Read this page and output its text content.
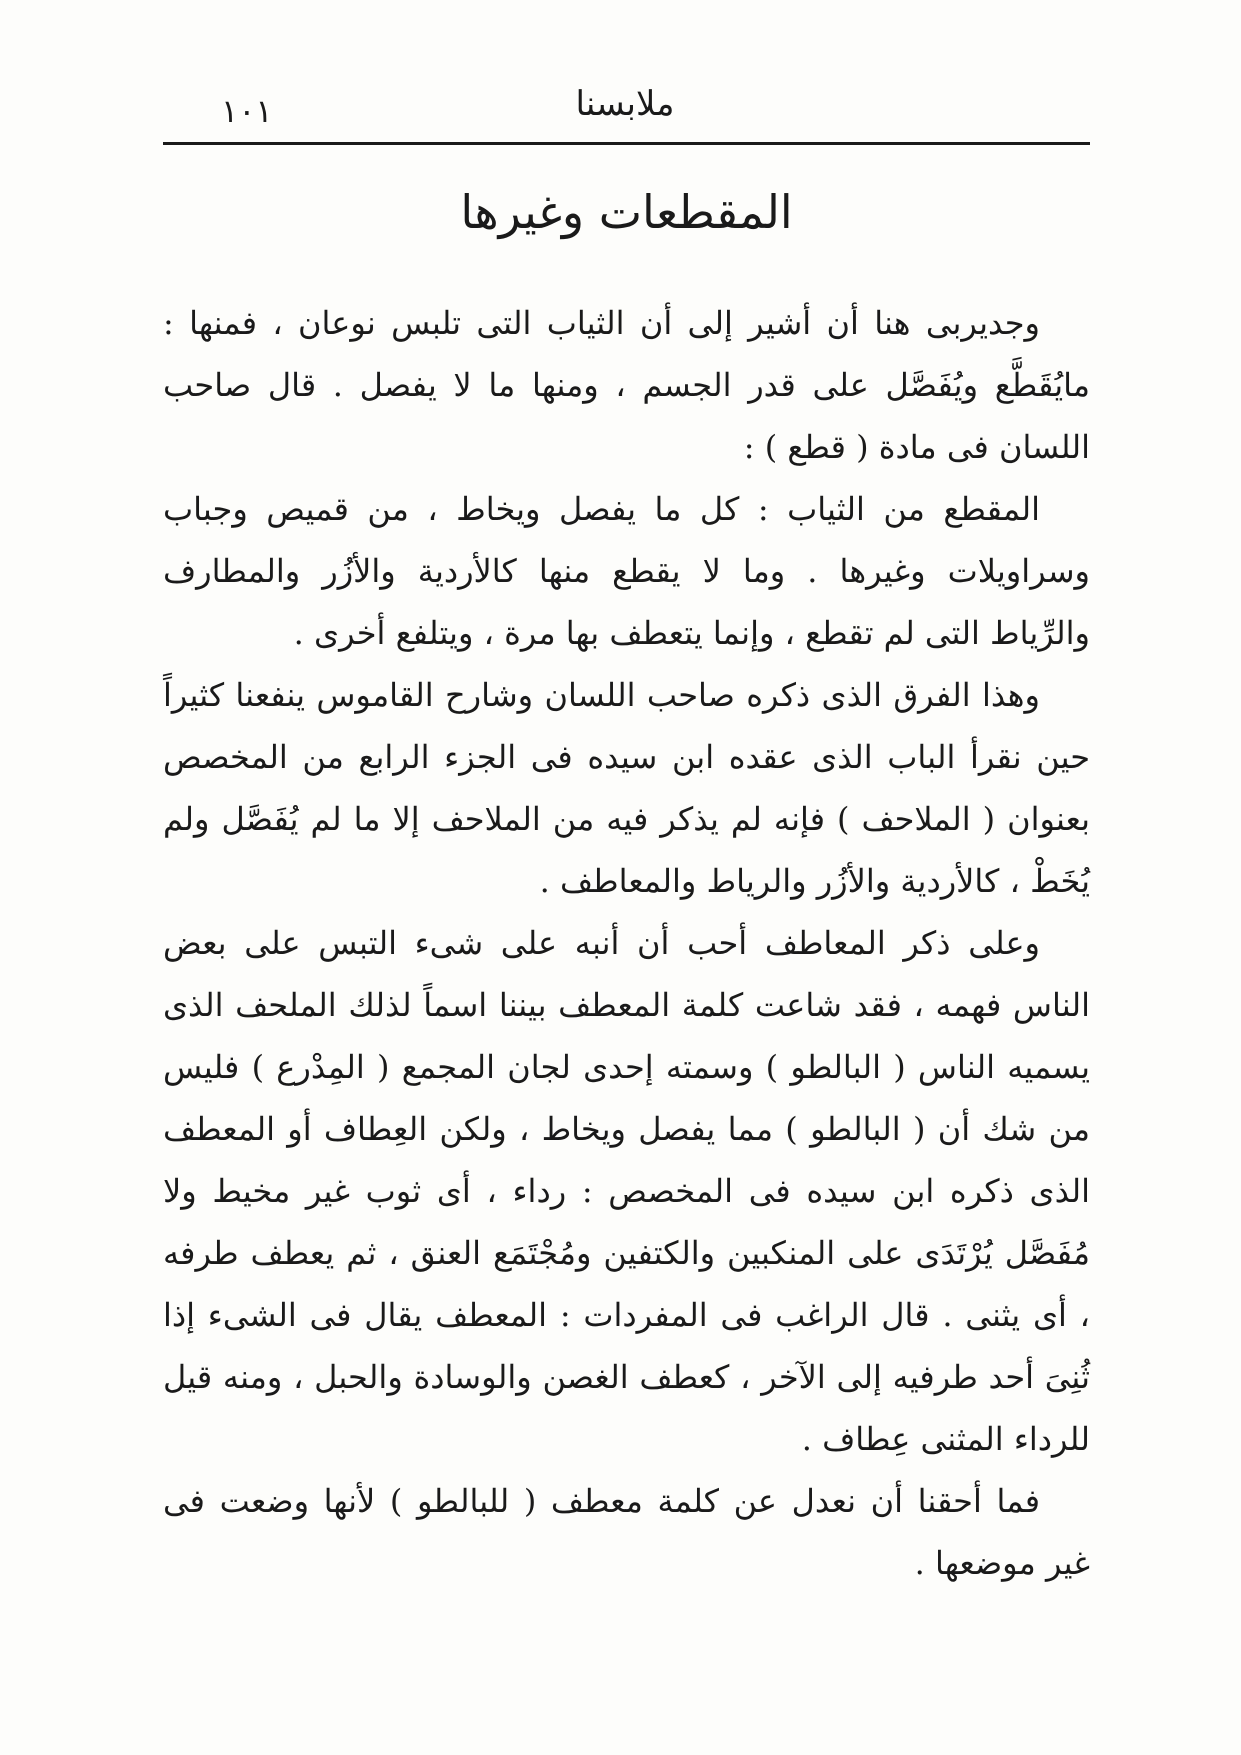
١٠١	ملابسنا
المقطعات وغيرها

وجديربى هنا أن أشير إلى أن الثياب التى تلبس نوعان ، فمنها : مايُقَطَّع ويُفَصَّل على قدر الجسم ، ومنها ما لا يفصل . قال صاحب اللسان فى مادة ( قطع ) :

المقطع من الثياب : كل ما يفصل ويخاط ، من قميص وجباب وسراويلات وغيرها . وما لا يقطع منها كالأردية والأزُر والمطارف والرِّياط التى لم تقطع ، وإنما يتعطف بها مرة ، ويتلفع أخرى .

وهذا الفرق الذى ذكره صاحب اللسان وشارح القاموس ينفعنا كثيراً حين نقرأ الباب الذى عقده ابن سيده فى الجزء الرابع من المخصص بعنوان ( الملاحف ) فإنه لم يذكر فيه من الملاحف إلا ما لم يُفَصَّل ولم يُخَطْ ، كالأردية والأزُر والرياط والمعاطف .

وعلى ذكر المعاطف أحب أن أنبه على شىء التبس على بعض الناس فهمه ، فقد شاعت كلمة المعطف بيننا اسماً لذلك الملحف الذى يسميه الناس ( البالطو ) وسمته إحدى لجان المجمع ( المِدْرع ) فليس من شك أن ( البالطو ) مما يفصل ويخاط ، ولكن العِطاف أو المعطف الذى ذكره ابن سيده فى المخصص : رداء ، أى ثوب غير مخيط ولا مُفَصَّل يُرْتَدَى على المنكبين والكتفين ومُجْتَمَع العنق ، ثم يعطف طرفه ، أى يثنى . قال الراغب فى المفردات : المعطف يقال فى الشىء إذا ثُنِىَ أحد طرفيه إلى الآخر ، كعطف الغصن والوسادة والحبل ، ومنه قيل للرداء المثنى عِطاف .

فما أحقنا أن نعدل عن كلمة معطف ( للبالطو ) لأنها وضعت فى غير موضعها .
